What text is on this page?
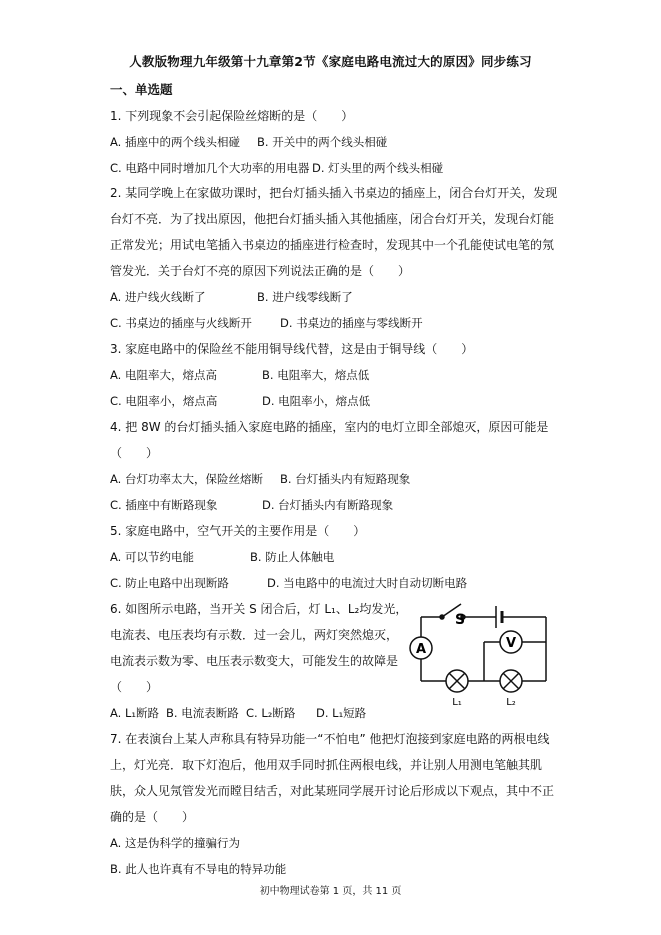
人教版物理九年级第十九章第2节《家庭电路电流过大的原因》同步练习
一、单选题
1. 下列现象不会引起保险丝熔断的是（　　）
A. 插座中的两个线头相碰 B. 开关中的两个线头相碰
C. 电路中同时增加几个大功率的用电器 D. 灯头里的两个线头相碰
2. 某同学晚上在家做功课时，把台灯插头插入书桌边的插座上，闭合台灯开关，发现
台灯不亮．为了找出原因，他把台灯插头插入其他插座，闭合台灯开关，发现台灯能
正常发光；用试电笔插入书桌边的插座进行检查时，发现其中一个孔能使试电笔的氖
管发光．关于台灯不亮的原因下列说法正确的是（　　）
A. 进户线火线断了	B. 进户线零线断了
C. 书桌边的插座与火线断开 D. 书桌边的插座与零线断开
3. 家庭电路中的保险丝不能用铜导线代替，这是由于铜导线（　　）
A. 电阻率大，熔点高	B. 电阻率大，熔点低
C. 电阻率小，熔点高	D. 电阻率小，熔点低
4. 把 8W 的台灯插头插入家庭电路的插座，室内的电灯立即全部熄灭，原因可能是
（　　）
A. 台灯功率太大，保险丝熔断 B. 台灯插头内有短路现象
C. 插座中有断路现象	D. 台灯插头内有断路现象
5. 家庭电路中，空气开关的主要作用是（　　）
A. 可以节约电能	B. 防止人体触电
C. 防止电路中出现断路	D. 当电路中的电流过大时自动切断电路
6. 如图所示电路，当开关 S 闭合后，灯 L₁、L₂均发光，
电流表、电压表均有示数．过一会儿，两灯突然熄灭，
电流表示数为零、电压表示数变大，可能发生的故障是
（　　）
A. L₁断路 B. 电流表断路 C. L₂断路 D. L₁短路
S
A	V
L₁	L₂
7. 在表演台上某人声称具有特异功能一“不怕电” 他把灯泡接到家庭电路的两根电线
上，灯光亮．取下灯泡后，他用双手同时抓住两根电线，并让别人用测电笔触其肌
肤，众人见氖管发光而瞠目结舌，对此某班同学展开讨论后形成以下观点，其中不正
确的是（　　）
A. 这是伪科学的撞骗行为
B. 此人也许真有不导电的特异功能
初中物理试卷第 1 页，共 11 页
